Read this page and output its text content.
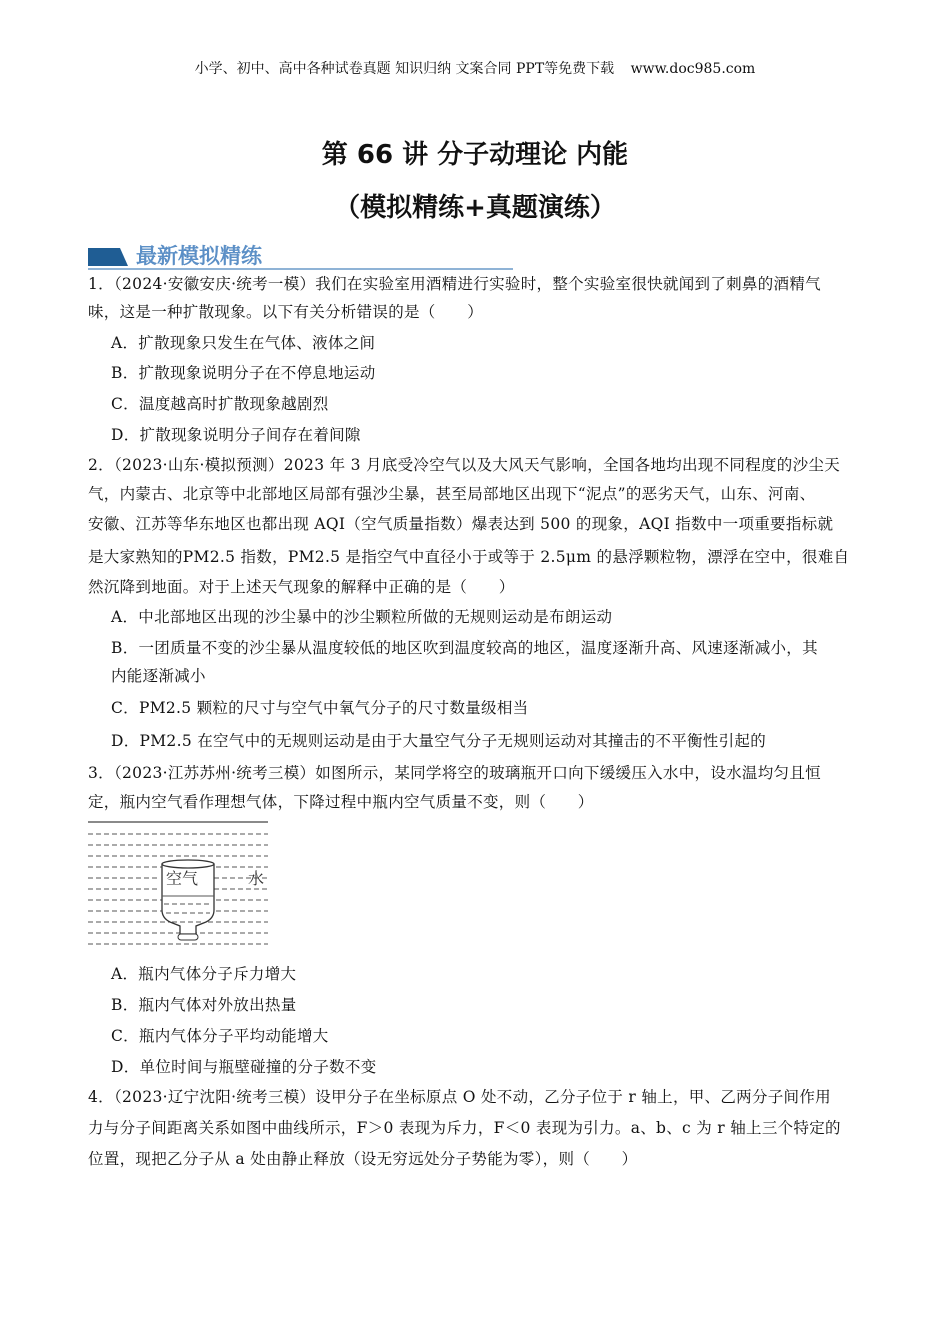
小学、初中、高中各种试卷真题 知识归纳 文案合同 PPT等免费下载 www.doc985.com
第 66 讲 分子动理论 内能
（模拟精练+真题演练）
最新模拟精练
1．（2024·安徽安庆·统考一模）我们在实验室用酒精进行实验时，整个实验室很快就闻到了刺鼻的酒精气
味，这是一种扩散现象。以下有关分析错误的是（　　）
A．扩散现象只发生在气体、液体之间
B．扩散现象说明分子在不停息地运动
C．温度越高时扩散现象越剧烈
D．扩散现象说明分子间存在着间隙
2．（2023·山东·模拟预测）2023 年 3 月底受冷空气以及大风天气影响，全国各地均出现不同程度的沙尘天
气，内蒙古、北京等中北部地区局部有强沙尘暴，甚至局部地区出现下“泥点”的恶劣天气，山东、河南、
安徽、江苏等华东地区也都出现 AQI（空气质量指数）爆表达到 500 的现象，AQI 指数中一项重要指标就
是大家熟知的PM2.5 指数，PM2.5 是指空气中直径小于或等于 2.5μm 的悬浮颗粒物，漂浮在空中，很难自
然沉降到地面。对于上述天气现象的解释中正确的是（　　）
A．中北部地区出现的沙尘暴中的沙尘颗粒所做的无规则运动是布朗运动
B．一团质量不变的沙尘暴从温度较低的地区吹到温度较高的地区，温度逐渐升高、风速逐渐减小，其
内能逐渐减小
C．PM2.5 颗粒的尺寸与空气中氧气分子的尺寸数量级相当
D．PM2.5 在空气中的无规则运动是由于大量空气分子无规则运动对其撞击的不平衡性引起的
3．（2023·江苏苏州·统考三模）如图所示，某同学将空的玻璃瓶开口向下缓缓压入水中，设水温均匀且恒
定，瓶内空气看作理想气体，下降过程中瓶内空气质量不变，则（　　）
空气	水
A．瓶内气体分子斥力增大
B．瓶内气体对外放出热量
C．瓶内气体分子平均动能增大
D．单位时间与瓶壁碰撞的分子数不变
4．（2023·辽宁沈阳·统考三模）设甲分子在坐标原点 O 处不动，乙分子位于 r 轴上，甲、乙两分子间作用
力与分子间距离关系如图中曲线所示，F＞0 表现为斥力，F＜0 表现为引力。a、b、c 为 r 轴上三个特定的
位置，现把乙分子从 a 处由静止释放（设无穷远处分子势能为零），则（　　）
